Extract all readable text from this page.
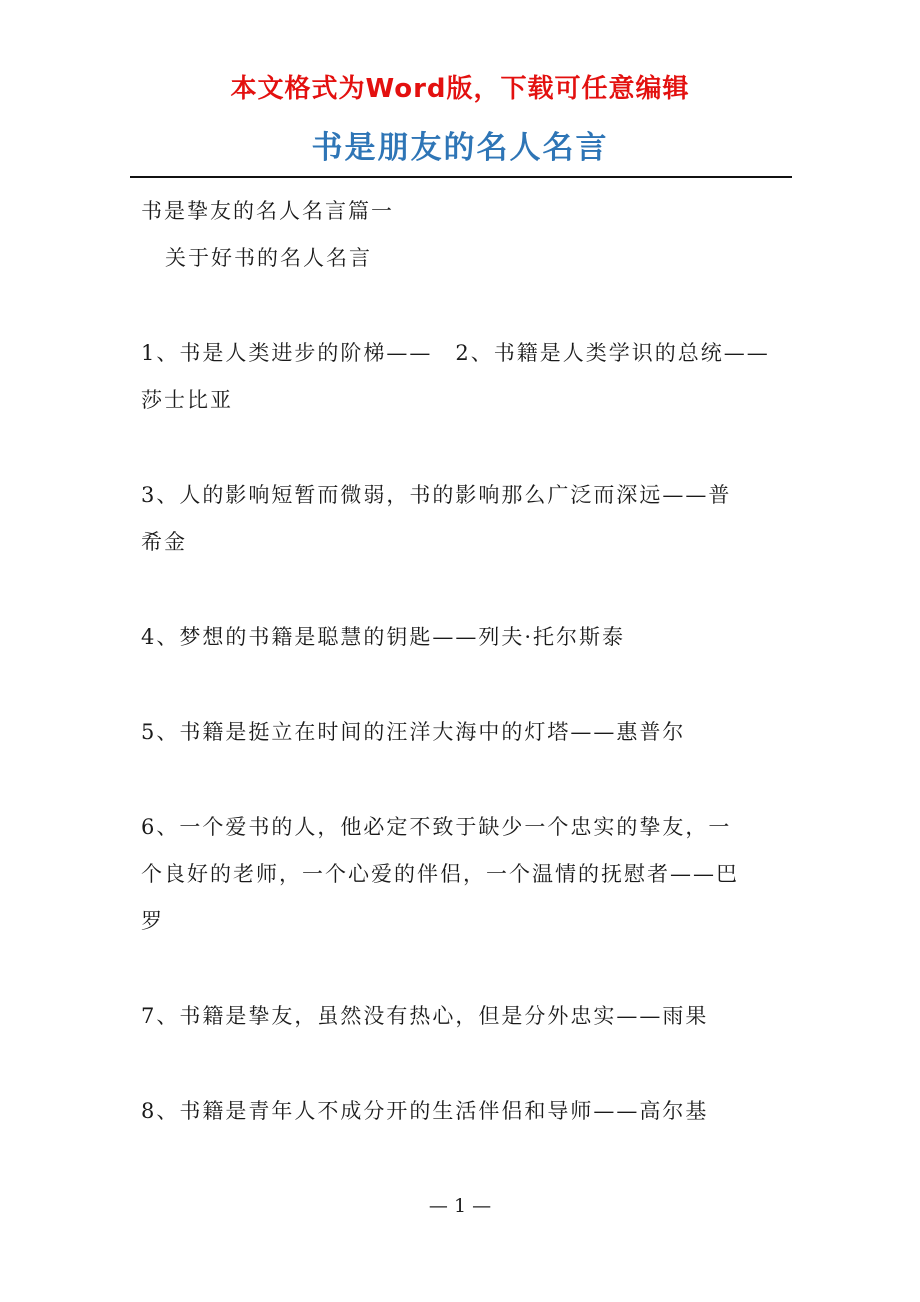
本文格式为Word版，下载可任意编辑
书是朋友的名人名言

书是挚友的名人名言篇一

关于好书的名人名言

1、书是人类进步的阶梯——　2、书籍是人类学识的总统——

莎士比亚

3、人的影响短暂而微弱，书的影响那么广泛而深远——普

希金

4、梦想的书籍是聪慧的钥匙——列夫·托尔斯泰

5、书籍是挺立在时间的汪洋大海中的灯塔——惠普尔

6、一个爱书的人，他必定不致于缺少一个忠实的挚友，一

个良好的老师，一个心爱的伴侣，一个温情的抚慰者——巴

罗

7、书籍是挚友，虽然没有热心，但是分外忠实——雨果

8、书籍是青年人不成分开的生活伴侣和导师——高尔基

— 1 —
